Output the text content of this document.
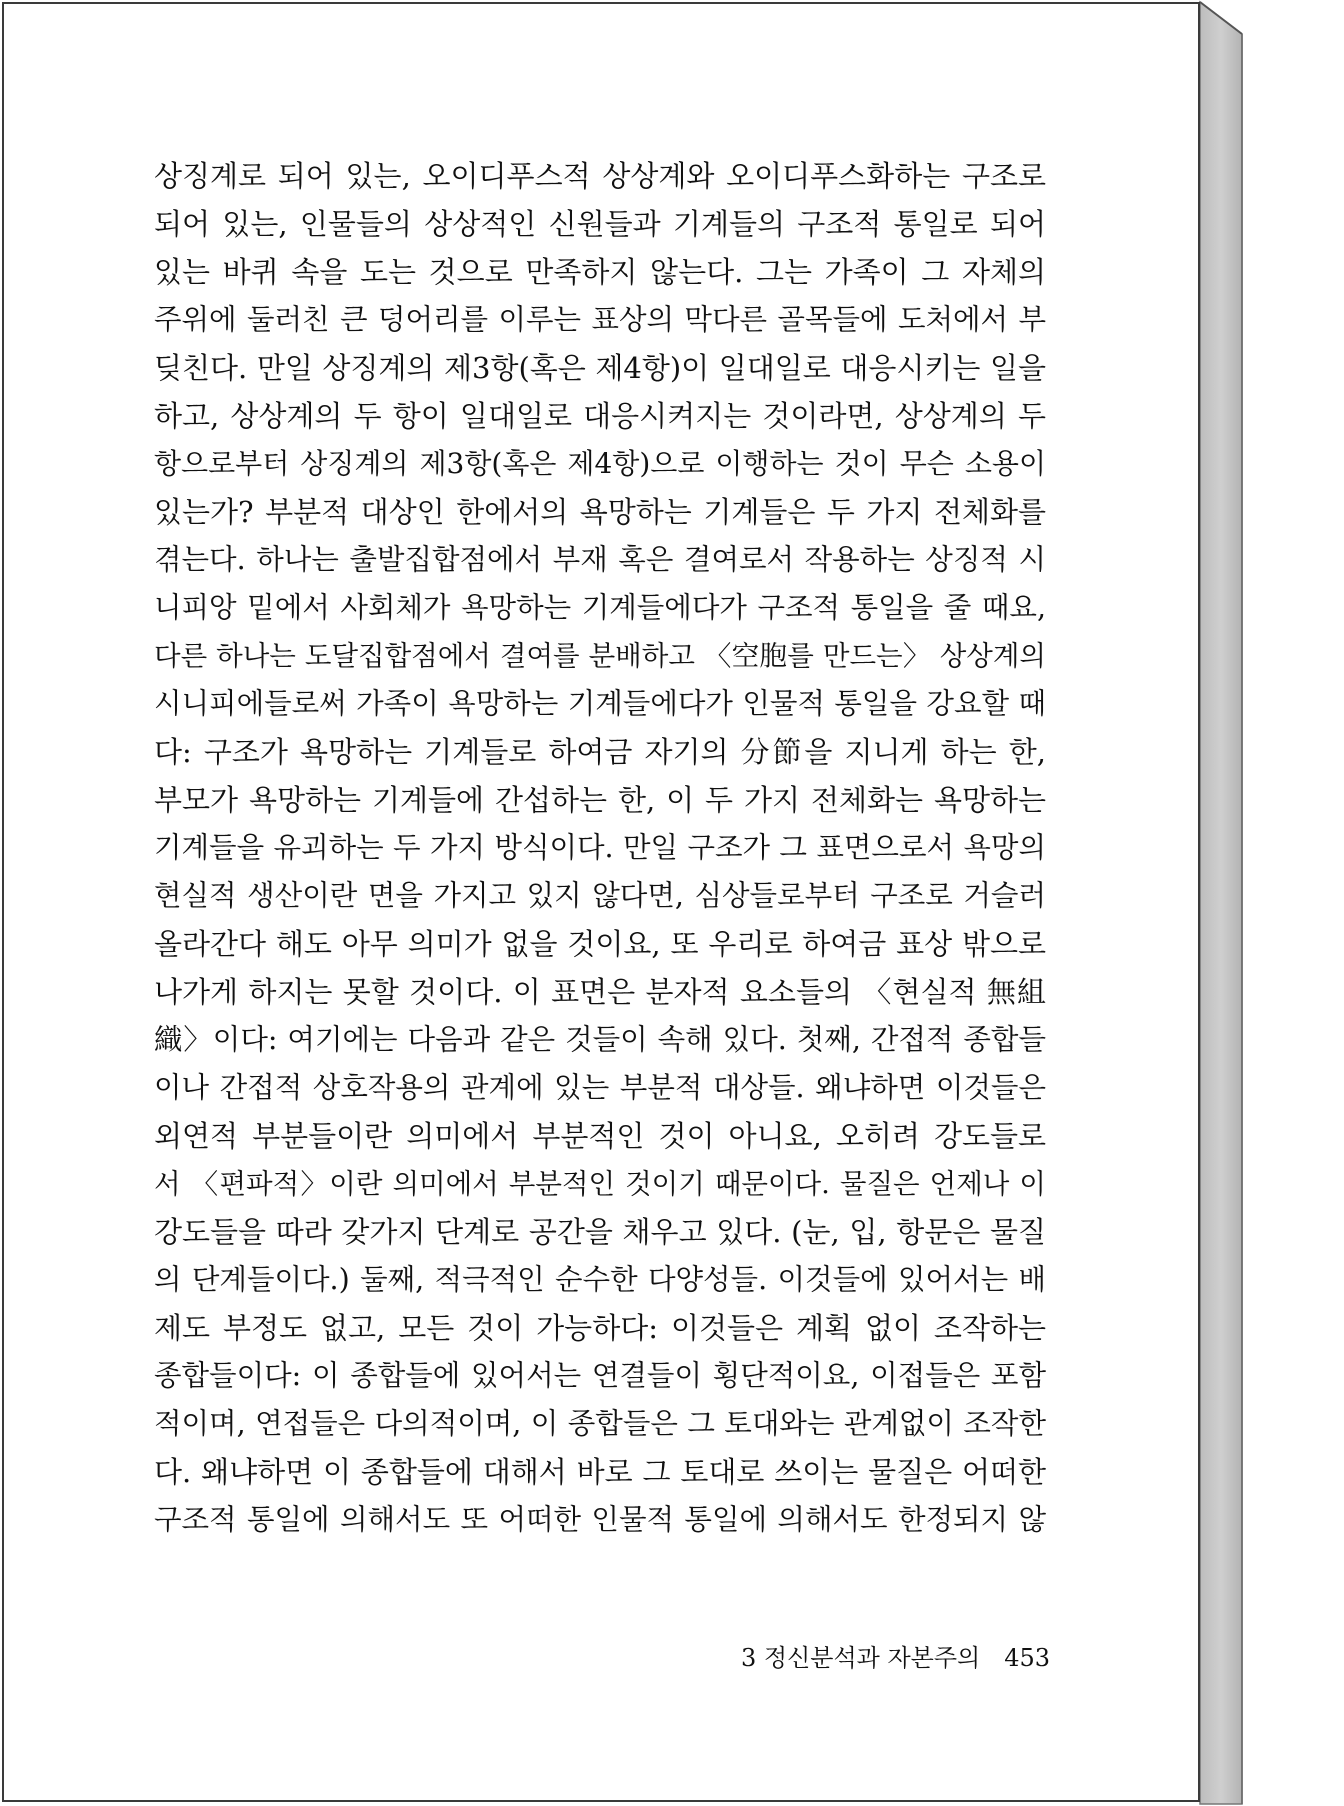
상징계로 되어 있는, 오이디푸스적 상상계와 오이디푸스화하는 구조로
되어 있는, 인물들의 상상적인 신원들과 기계들의 구조적 통일로 되어
있는 바퀴 속을 도는 것으로 만족하지 않는다. 그는 가족이 그 자체의
주위에 둘러친 큰 덩어리를 이루는 표상의 막다른 골목들에 도처에서 부
딪친다. 만일 상징계의 제3항(혹은 제4항)이 일대일로 대응시키는 일을
하고, 상상계의 두 항이 일대일로 대응시켜지는 것이라면, 상상계의 두
항으로부터 상징계의 제3항(혹은 제4항)으로 이행하는 것이 무슨 소용이
있는가? 부분적 대상인 한에서의 욕망하는 기계들은 두 가지 전체화를
겪는다. 하나는 출발집합점에서 부재 혹은 결여로서 작용하는 상징적 시
니피앙 밑에서 사회체가 욕망하는 기계들에다가 구조적 통일을 줄 때요,
다른 하나는 도달집합점에서 결여를 분배하고 〈空胞를 만드는〉 상상계의
시니피에들로써 가족이 욕망하는 기계들에다가 인물적 통일을 강요할 때
다: 구조가 욕망하는 기계들로 하여금 자기의 分節을 지니게 하는 한,
부모가 욕망하는 기계들에 간섭하는 한, 이 두 가지 전체화는 욕망하는
기계들을 유괴하는 두 가지 방식이다. 만일 구조가 그 표면으로서 욕망의
현실적 생산이란 면을 가지고 있지 않다면, 심상들로부터 구조로 거슬러
올라간다 해도 아무 의미가 없을 것이요, 또 우리로 하여금 표상 밖으로
나가게 하지는 못할 것이다. 이 표면은 분자적 요소들의 〈현실적 無組
織〉이다: 여기에는 다음과 같은 것들이 속해 있다. 첫째, 간접적 종합들
이나 간접적 상호작용의 관계에 있는 부분적 대상들. 왜냐하면 이것들은
외연적 부분들이란 의미에서 부분적인 것이 아니요, 오히려 강도들로
서 〈편파적〉이란 의미에서 부분적인 것이기 때문이다. 물질은 언제나 이
강도들을 따라 갖가지 단계로 공간을 채우고 있다. (눈, 입, 항문은 물질
의 단계들이다.) 둘째, 적극적인 순수한 다양성들. 이것들에 있어서는 배
제도 부정도 없고, 모든 것이 가능하다: 이것들은 계획 없이 조작하는
종합들이다: 이 종합들에 있어서는 연결들이 횡단적이요, 이접들은 포함
적이며, 연접들은 다의적이며, 이 종합들은 그 토대와는 관계없이 조작한
다. 왜냐하면 이 종합들에 대해서 바로 그 토대로 쓰이는 물질은 어떠한
구조적 통일에 의해서도 또 어떠한 인물적 통일에 의해서도 한정되지 않
3 정신분석과 자본주의 453
